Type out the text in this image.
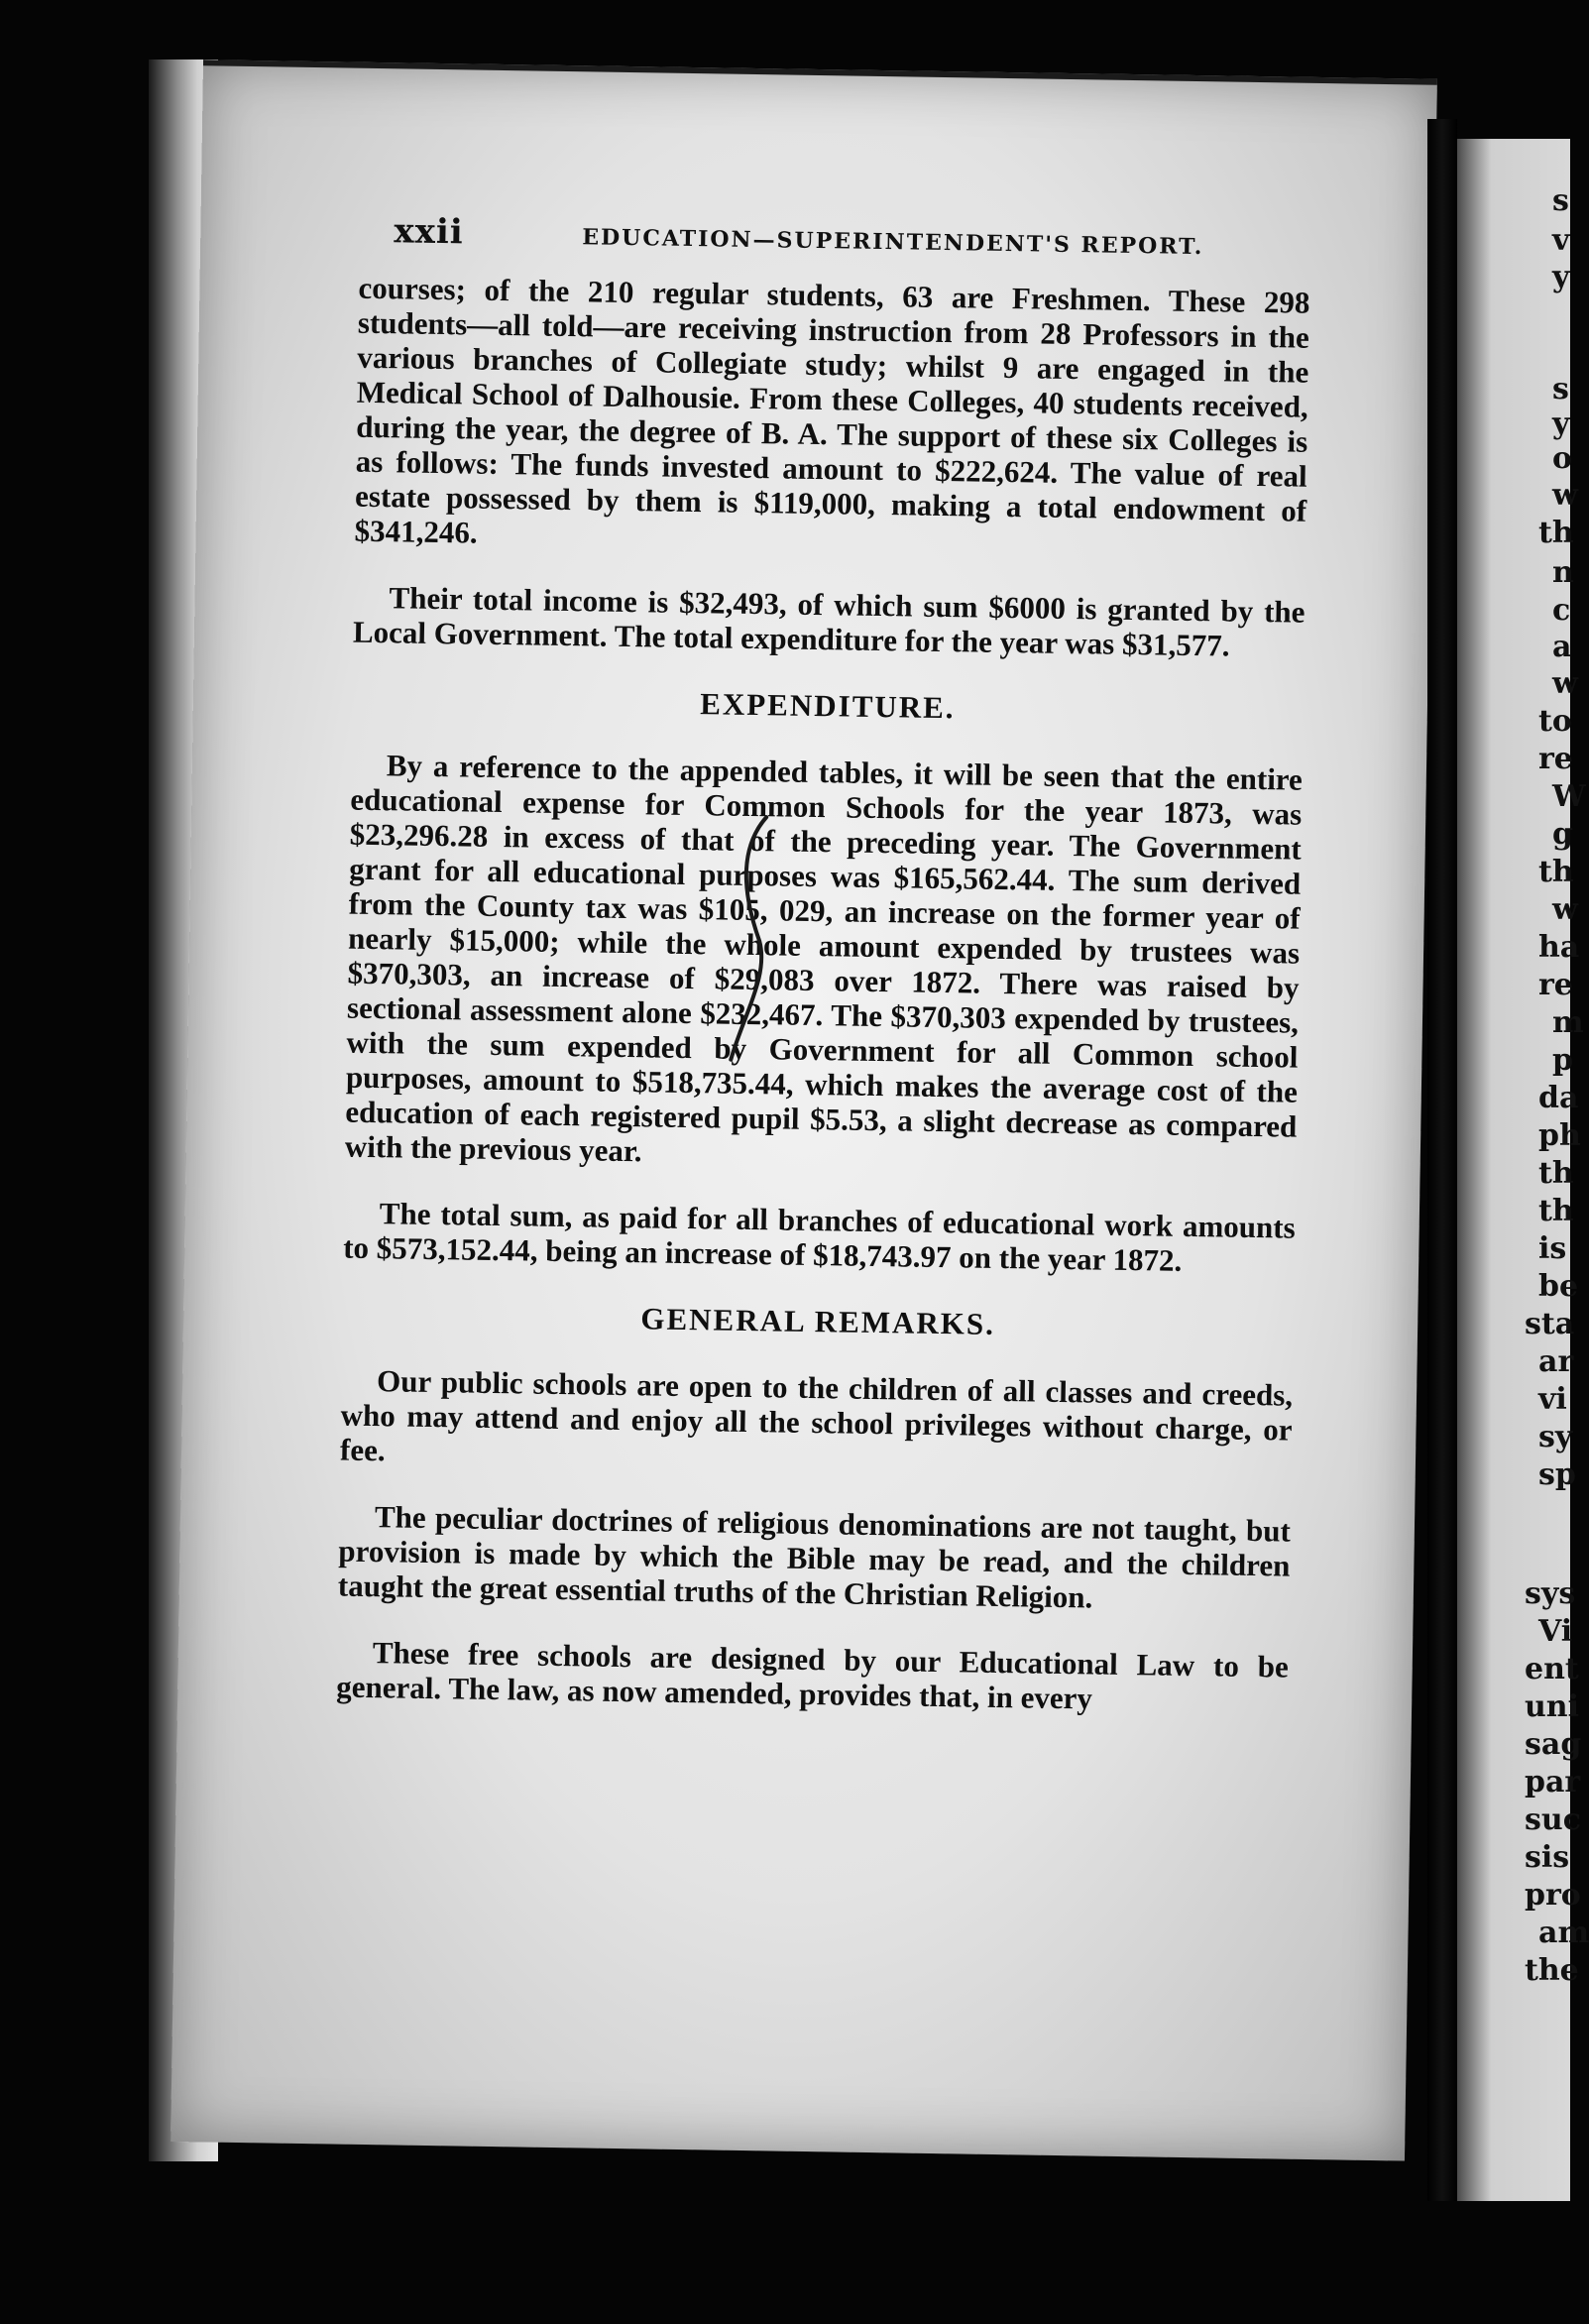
xxii	EDUCATION—SUPERINTENDENT'S REPORT.

courses; of the 210 regular students, 63 are Freshmen. These 298 students—all told—are receiving instruction from 28 Professors in the various branches of Collegiate study; whilst 9 are engaged in the Medical School of Dalhousie. From these Colleges, 40 students received, during the year, the degree of B. A. The support of these six Colleges is as follows: The funds invested amount to $222,624. The value of real estate possessed by them is $119,000, making a total endowment of $341,246.

Their total income is $32,493, of which sum $6000 is granted by the Local Government. The total expenditure for the year was $31,577.

EXPENDITURE.

By a reference to the appended tables, it will be seen that the entire educational expense for Common Schools for the year 1873, was $23,296.28 in excess of that of the preceding year. The Government grant for all educational purposes was $165,562.44. The sum derived from the County tax was $105, 029, an increase on the former year of nearly $15,000; while the whole amount expended by trustees was $370,303, an increase of $29,083 over 1872. There was raised by sectional assessment alone $232,467. The $370,303 expended by trustees, with the sum expended by Government for all Common school purposes, amount to $518,735.44, which makes the average cost of the education of each registered pupil $5.53, a slight decrease as compared with the previous year.

The total sum, as paid for all branches of educational work amounts to $573,152.44, being an increase of $18,743.97 on the year 1872.

GENERAL REMARKS.

Our public schools are open to the children of all classes and creeds, who may attend and enjoy all the school privileges without charge, or fee.

The peculiar doctrines of religious denominations are not taught, but provision is made by which the Bible may be read, and the children taught the great essential truths of the Christian Religion.

These free schools are designed by our Educational Law to be general. The law, as now amended, provides that, in every

s
v
y
s
y
o
w
th
n
c
a
w
to
re
W
g
th
w
ha
re
m
p
da
ph
th
th
is
be
sta
ar
vi
sy
sp
sys
Vi
ent
uni
sag
par
suc
sis
pro
am
the
